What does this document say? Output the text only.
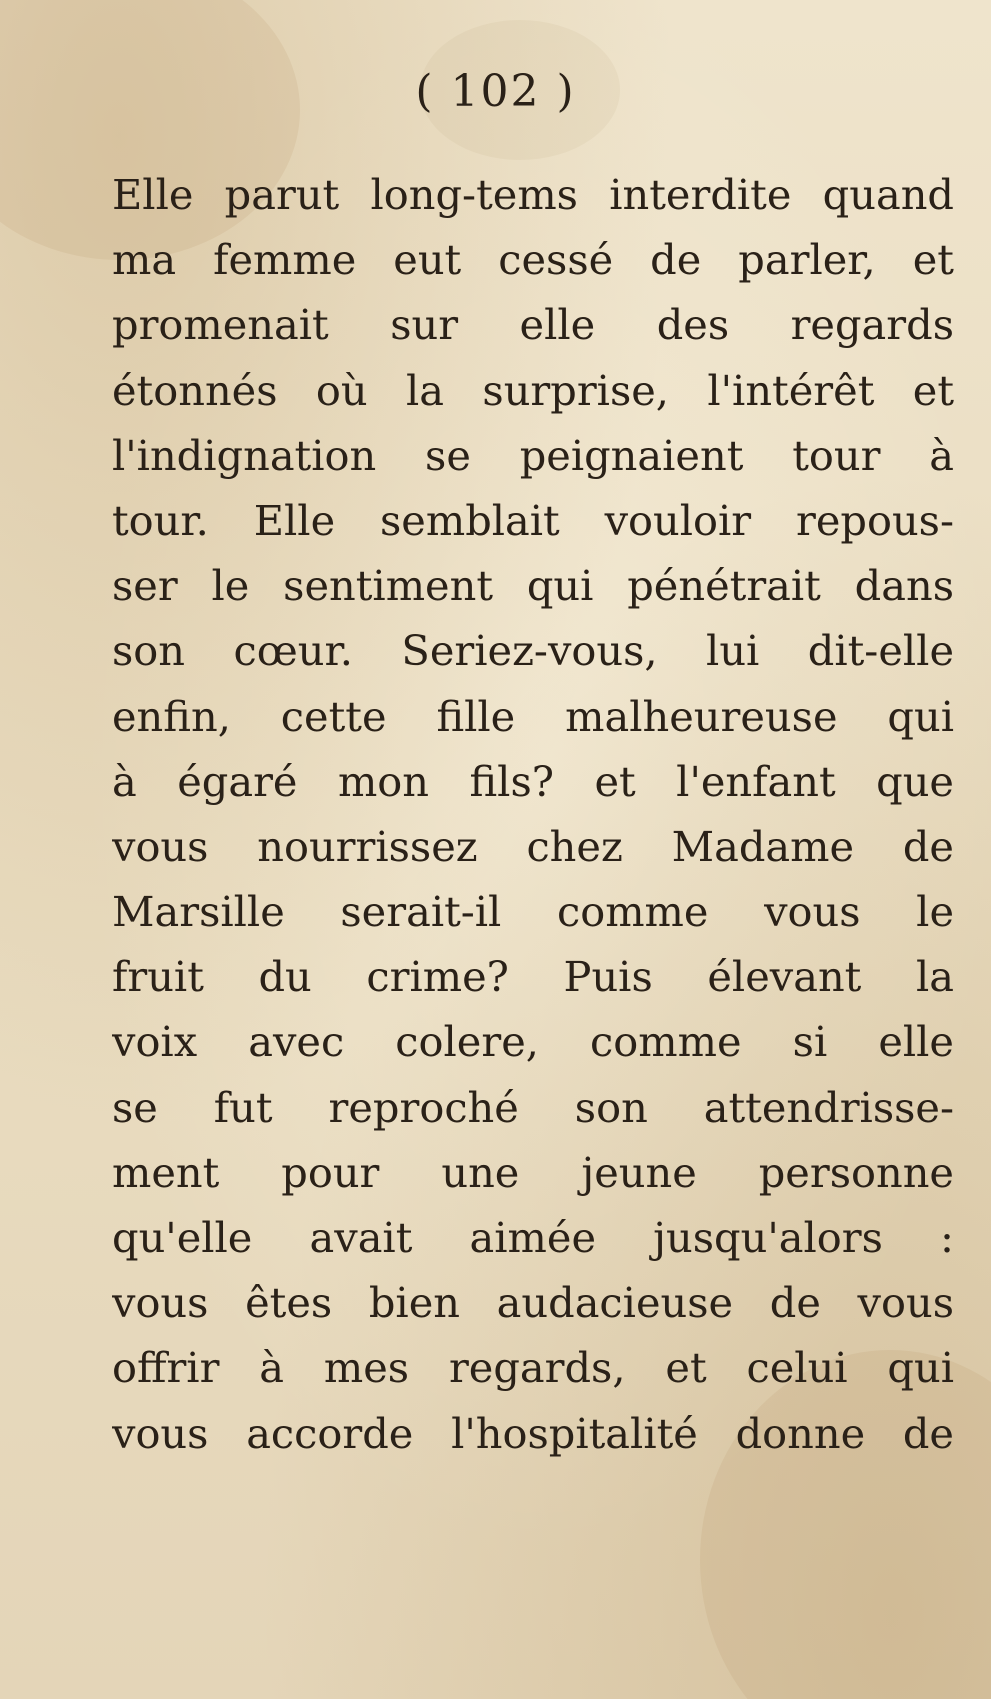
( 102 )
Elle parut long-tems interdite quand
ma femme eut cessé de parler, et
promenait sur elle des regards
étonnés où la surprise, l'intérêt et
l'indignation se peignaient tour à
tour. Elle semblait vouloir repous-
ser le sentiment qui pénétrait dans
son cœur. Seriez-vous, lui dit-elle
enfin, cette fille malheureuse qui
à égaré mon fils? et l'enfant que
vous nourrissez chez Madame de
Marsille serait-il comme vous le
fruit du crime? Puis élevant la
voix avec colere, comme si elle
se fut reproché son attendrisse-
ment pour une jeune personne
qu'elle avait aimée jusqu'alors :
vous êtes bien audacieuse de vous
offrir à mes regards, et celui qui
vous accorde l'hospitalité donne de
